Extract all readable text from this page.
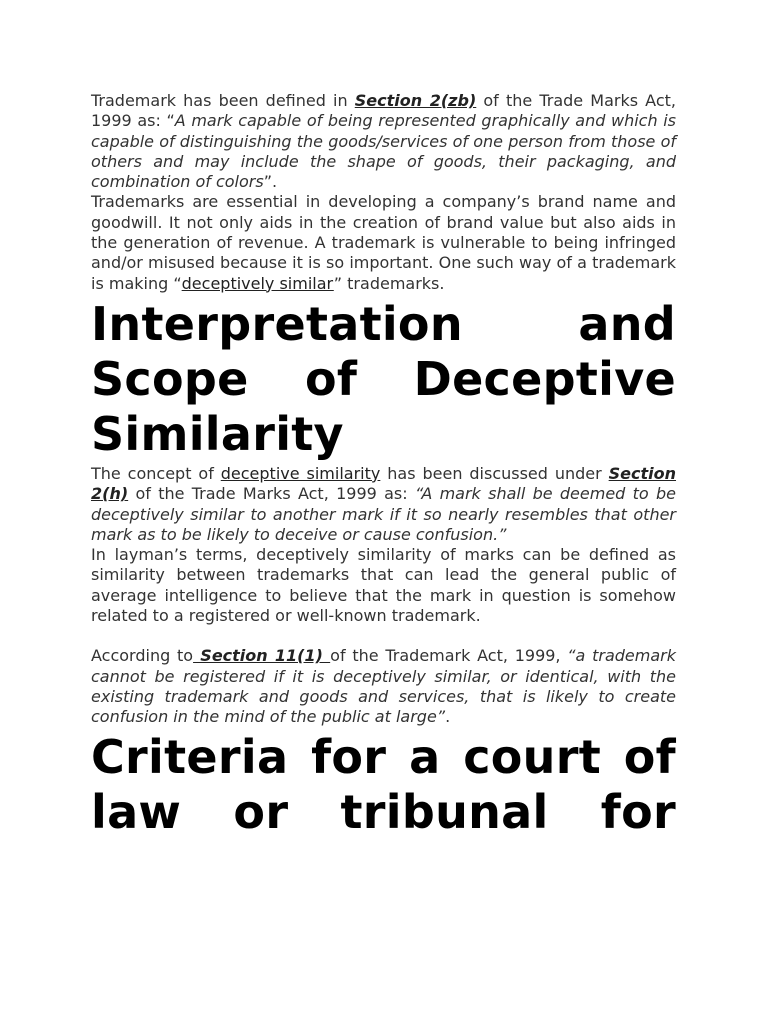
Trademark has been defined in Section 2(zb) of the Trade Marks Act, 1999 as: “A mark capable of being represented graphically and which is capable of distinguishing the goods/services of one person from those of others and may include the shape of goods, their packaging, and combination of colors”.

Trademarks are essential in developing a company’s brand name and goodwill. It not only aids in the creation of brand value but also aids in the generation of revenue. A trademark is vulnerable to being infringed and/or misused because it is so important. One such way of a trademark is making “deceptively similar” trademarks.

Interpretation and Scope of Deceptive Similarity

The concept of deceptive similarity has been discussed under Section 2(h) of the Trade Marks Act, 1999 as: “A mark shall be deemed to be deceptively similar to another mark if it so nearly resembles that other mark as to be likely to deceive or cause confusion.”

In layman’s terms, deceptively similarity of marks can be defined as similarity between trademarks that can lead the general public of average intelligence to believe that the mark in question is somehow related to a registered or well-known trademark.

According to Section 11(1) of the Trademark Act, 1999, “a trademark cannot be registered if it is deceptively similar, or identical, with the existing trademark and goods and services, that is likely to create confusion in the mind of the public at large”.

Criteria for a court of law or tribunal for
